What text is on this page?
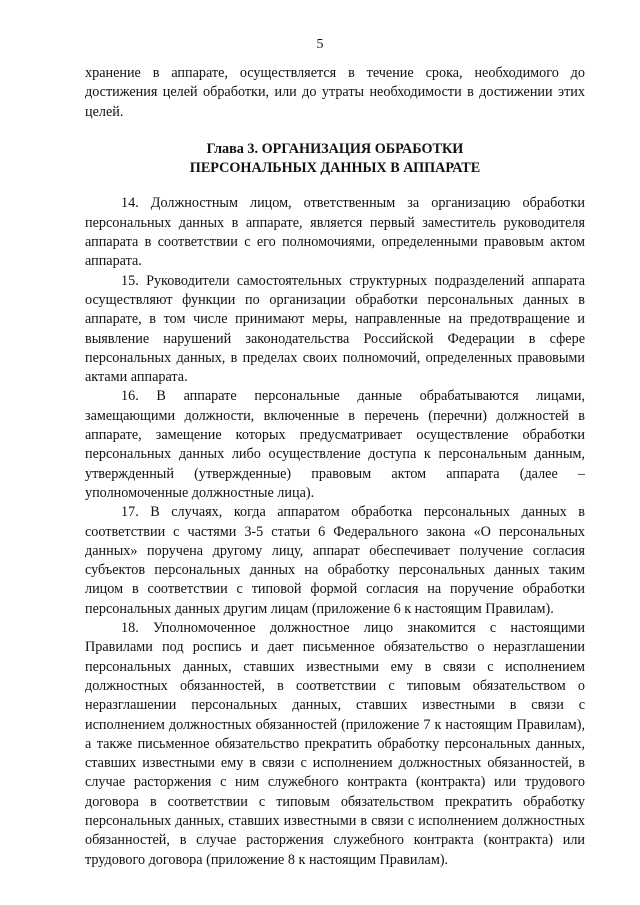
5

хранение в аппарате, осуществляется в течение срока, необходимого до достижения целей обработки, или до утраты необходимости в достижении этих целей.

Глава 3. ОРГАНИЗАЦИЯ ОБРАБОТКИ
ПЕРСОНАЛЬНЫХ ДАННЫХ В АППАРАТЕ

14. Должностным лицом, ответственным за организацию обработки персональных данных в аппарате, является первый заместитель руководителя аппарата в соответствии с его полномочиями, определенными правовым актом аппарата.

15. Руководители самостоятельных структурных подразделений аппарата осуществляют функции по организации обработки персональных данных в аппарате, в том числе принимают меры, направленные на предотвращение и выявление нарушений законодательства Российской Федерации в сфере персональных данных, в пределах своих полномочий, определенных правовыми актами аппарата.

16. В аппарате персональные данные обрабатываются лицами, замещающими должности, включенные в перечень (перечни) должностей в аппарате, замещение которых предусматривает осуществление обработки персональных данных либо осуществление доступа к персональным данным, утвержденный (утвержденные) правовым актом аппарата (далее – уполномоченные должностные лица).

17. В случаях, когда аппаратом обработка персональных данных в соответствии с частями 3-5 статьи 6 Федерального закона «О персональных данных» поручена другому лицу, аппарат обеспечивает получение согласия субъектов персональных данных на обработку персональных данных таким лицом в соответствии с типовой формой согласия на поручение обработки персональных данных другим лицам (приложение 6 к настоящим Правилам).

18. Уполномоченное должностное лицо знакомится с настоящими Правилами под роспись и дает письменное обязательство о неразглашении персональных данных, ставших известными ему в связи с исполнением должностных обязанностей, в соответствии с типовым обязательством о неразглашении персональных данных, ставших известными в связи с исполнением должностных обязанностей (приложение 7 к настоящим Правилам), а также письменное обязательство прекратить обработку персональных данных, ставших известными ему в связи с исполнением должностных обязанностей, в случае расторжения с ним служебного контракта (контракта) или трудового договора в соответствии с типовым обязательством прекратить обработку персональных данных, ставших известными в связи с исполнением должностных обязанностей, в случае расторжения служебного контракта (контракта) или трудового договора (приложение 8 к настоящим Правилам).
